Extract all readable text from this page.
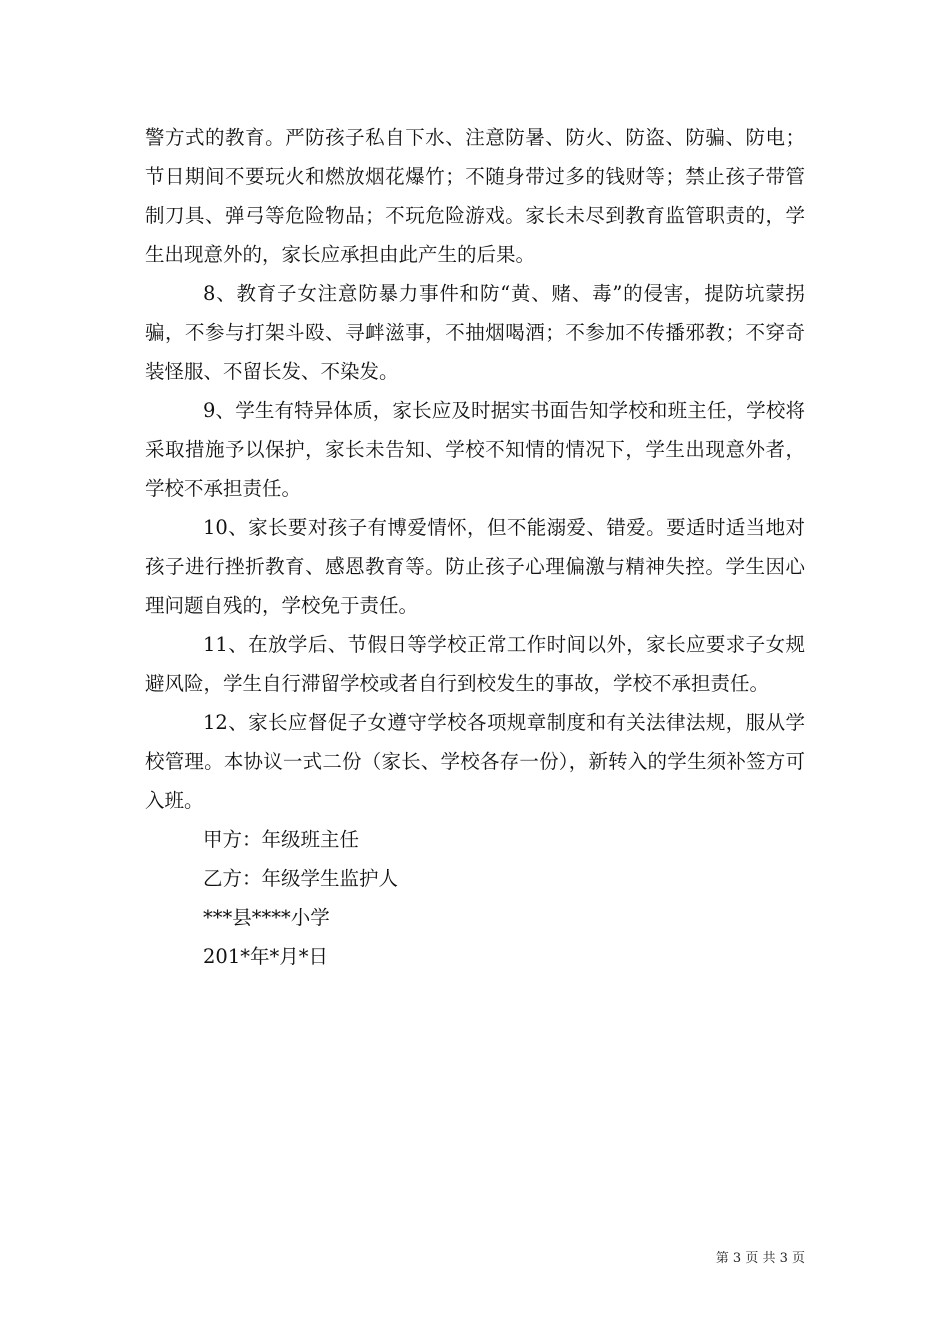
警方式的教育。严防孩子私自下水、注意防暑、防火、防盗、防骗、防电；节日期间不要玩火和燃放烟花爆竹；不随身带过多的钱财等；禁止孩子带管制刀具、弹弓等危险物品；不玩危险游戏。家长未尽到教育监管职责的，学生出现意外的，家长应承担由此产生的后果。

8、教育子女注意防暴力事件和防“黄、赌、毒”的侵害，提防坑蒙拐骗，不参与打架斗殴、寻衅滋事，不抽烟喝酒；不参加不传播邪教；不穿奇装怪服、不留长发、不染发。

9、学生有特异体质，家长应及时据实书面告知学校和班主任，学校将采取措施予以保护，家长未告知、学校不知情的情况下，学生出现意外者，学校不承担责任。

10、家长要对孩子有博爱情怀，但不能溺爱、错爱。要适时适当地对孩子进行挫折教育、感恩教育等。防止孩子心理偏激与精神失控。学生因心理问题自残的，学校免于责任。

11、在放学后、节假日等学校正常工作时间以外，家长应要求子女规避风险，学生自行滞留学校或者自行到校发生的事故，学校不承担责任。

12、家长应督促子女遵守学校各项规章制度和有关法律法规，服从学校管理。本协议一式二份（家长、学校各存一份），新转入的学生须补签方可入班。

甲方：年级班主任
乙方：年级学生监护人
***县****小学
201*年*月*日
第 3 页 共 3 页
